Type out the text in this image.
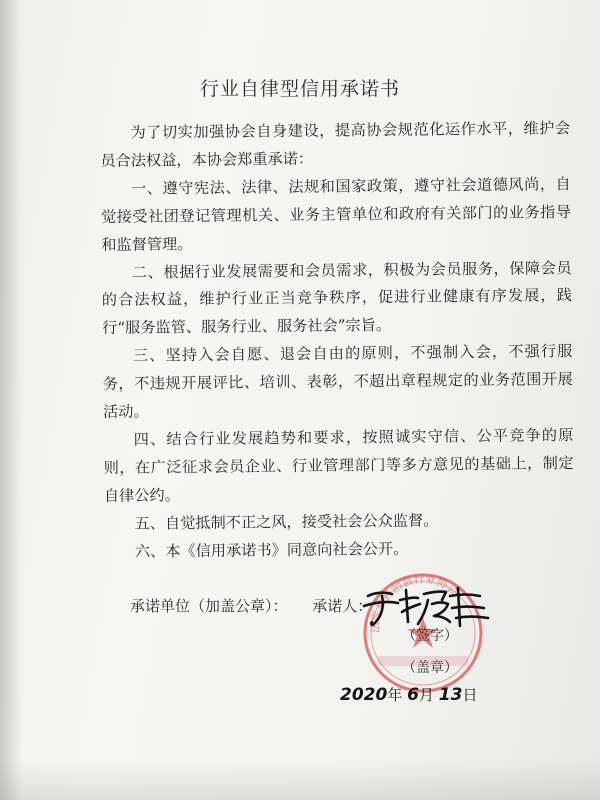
行业自律型信用承诺书

为了切实加强协会自身建设，提高协会规范化运作水平，维护会员合法权益，本协会郑重承诺：

一、遵守宪法、法律、法规和国家政策，遵守社会道德风尚，自觉接受社团登记管理机关、业务主管单位和政府有关部门的业务指导和监督管理。

二、根据行业发展需要和会员需求，积极为会员服务，保障会员的合法权益，维护行业正当竞争秩序，促进行业健康有序发展，践行“服务监管、服务行业、服务社会”宗旨。

三、坚持入会自愿、退会自由的原则，不强制入会，不强行服务，不违规开展评比、培训、表彰，不超出章程规定的业务范围开展活动。

四、结合行业发展趋势和要求，按照诚实守信、公平竞争的原则，在广泛征求会员企业、行业管理部门等多方意见的基础上，制定自律公约。

五、自觉抵制不正之风，接受社会公众监督。

六、本《信用承诺书》同意向社会公开。

承诺单位（加盖公章）： 承诺人：
法库县自治县行业协会
（签字）
（盖章）
2020年 6月 13日
